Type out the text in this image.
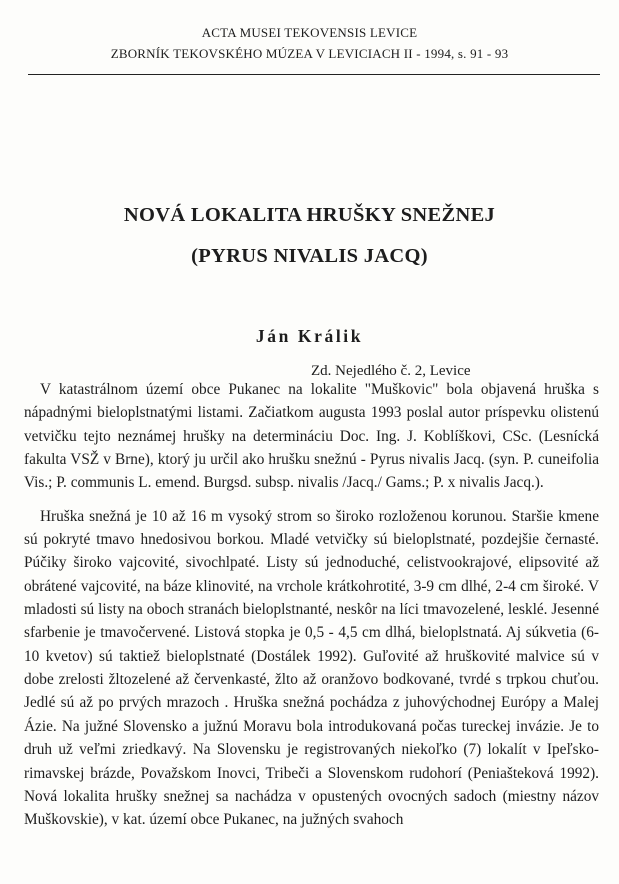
ACTA MUSEI TEKOVENSIS LEVICE
ZBORNÍK TEKOVSKÉHO MÚZEA V LEVICIACH II - 1994, s. 91 - 93
NOVÁ LOKALITA HRUŠKY SNEŽNEJ
(PYRUS NIVALIS JACQ)
Ján Králik
Zd. Nejedlého č. 2, Levice

V katastrálnom území obce Pukanec na lokalite "Muškovic" bola objavená hruška s nápadnými bieloplstnatými listami. Začiatkom augusta 1993 poslal autor príspevku olistenú vetvičku tejto neznámej hrušky na determináciu Doc. Ing. J. Koblíškovi, CSc. (Lesnícká fakulta VSŽ v Brne), ktorý ju určil ako hrušku snežnú - Pyrus nivalis Jacq. (syn. P. cuneifolia Vis.; P. communis L. emend. Burgsd. subsp. nivalis /Jacq./ Gams.; P. x nivalis Jacq.).

Hruška snežná je 10 až 16 m vysoký strom so široko rozloženou korunou. Staršie kmene sú pokryté tmavo hnedosivou borkou. Mladé vetvičky sú bieloplstnaté, pozdejšie černasté. Púčiky široko vajcovité, sivochlpaté. Listy sú jednoduché, celistvookrajové, elipsovité až obrátené vajcovité, na báze klinovité, na vrchole krátkohrotité, 3-9 cm dlhé, 2-4 cm široké. V mladosti sú listy na oboch stranách bieloplstnanté, neskôr na líci tmavozelené, lesklé. Jesenné sfarbenie je tmavočervené. Listová stopka je 0,5 - 4,5 cm dlhá, bieloplstnatá. Aj súkvetia (6-10 kvetov) sú taktiež bieloplstnaté (Dostálek 1992). Guľovité až hruškovité malvice sú v dobe zrelosti žltozelené až červenkasté, žlto až oranžovo bodkované, tvrdé s trpkou chuťou. Jedlé sú až po prvých mrazoch . Hruška snežná pochádza z juhovýchodnej Európy a Malej Ázie. Na južné Slovensko a južnú Moravu bola introdukovaná počas tureckej invázie. Je to druh už veľmi zriedkavý. Na Slovensku je registrovaných niekoľko (7) lokalít v Ipeľsko-rimavskej brázde, Považskom Inovci, Tribeči a Slovenskom rudohorí (Peniašteková 1992). Nová lokalita hrušky snežnej sa nachádza v opustených ovocných sadoch (miestny názov Muškovskie), v kat. území obce Pukanec, na južných svahoch
